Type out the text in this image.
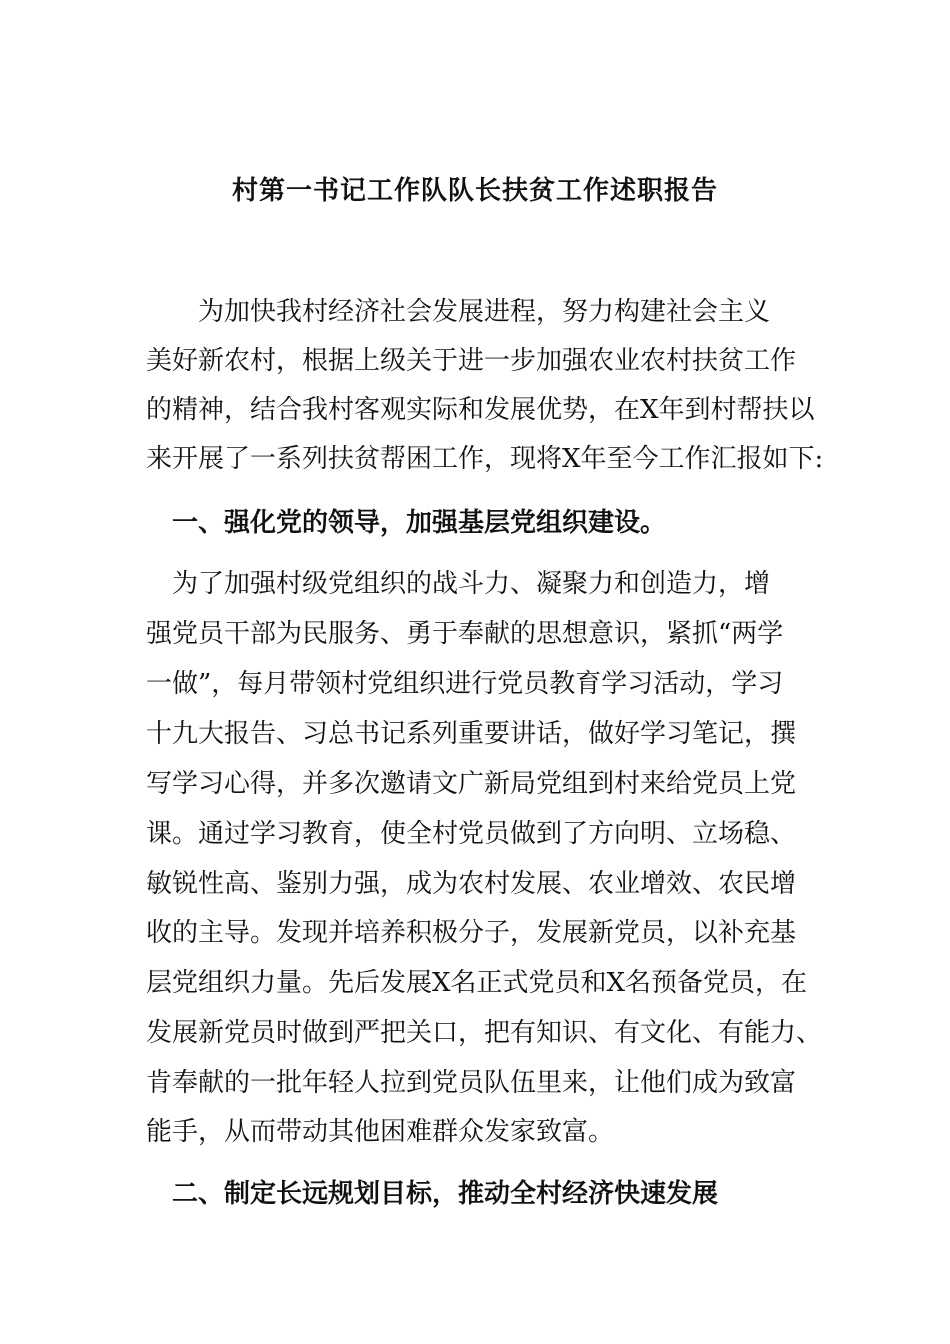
村第一书记工作队队长扶贫工作述职报告
　　为加快我村经济社会发展进程，努力构建社会主义
美好新农村，根据上级关于进一步加强农业农村扶贫工作
的精神，结合我村客观实际和发展优势，在X年到村帮扶以
来开展了一系列扶贫帮困工作，现将X年至今工作汇报如下:
　一、强化党的领导，加强基层党组织建设。
　为了加强村级党组织的战斗力、凝聚力和创造力，增
强党员干部为民服务、勇于奉献的思想意识，紧抓“两学
一做”，每月带领村党组织进行党员教育学习活动，学习
十九大报告、习总书记系列重要讲话，做好学习笔记，撰
写学习心得，并多次邀请文广新局党组到村来给党员上党
课。通过学习教育，使全村党员做到了方向明、立场稳、
敏锐性高、鉴别力强，成为农村发展、农业增效、农民增
收的主导。发现并培养积极分子，发展新党员，以补充基
层党组织力量。先后发展X名正式党员和X名预备党员，在
发展新党员时做到严把关口，把有知识、有文化、有能力、
肯奉献的一批年轻人拉到党员队伍里来，让他们成为致富
能手，从而带动其他困难群众发家致富。
　二、制定长远规划目标，推动全村经济快速发展
